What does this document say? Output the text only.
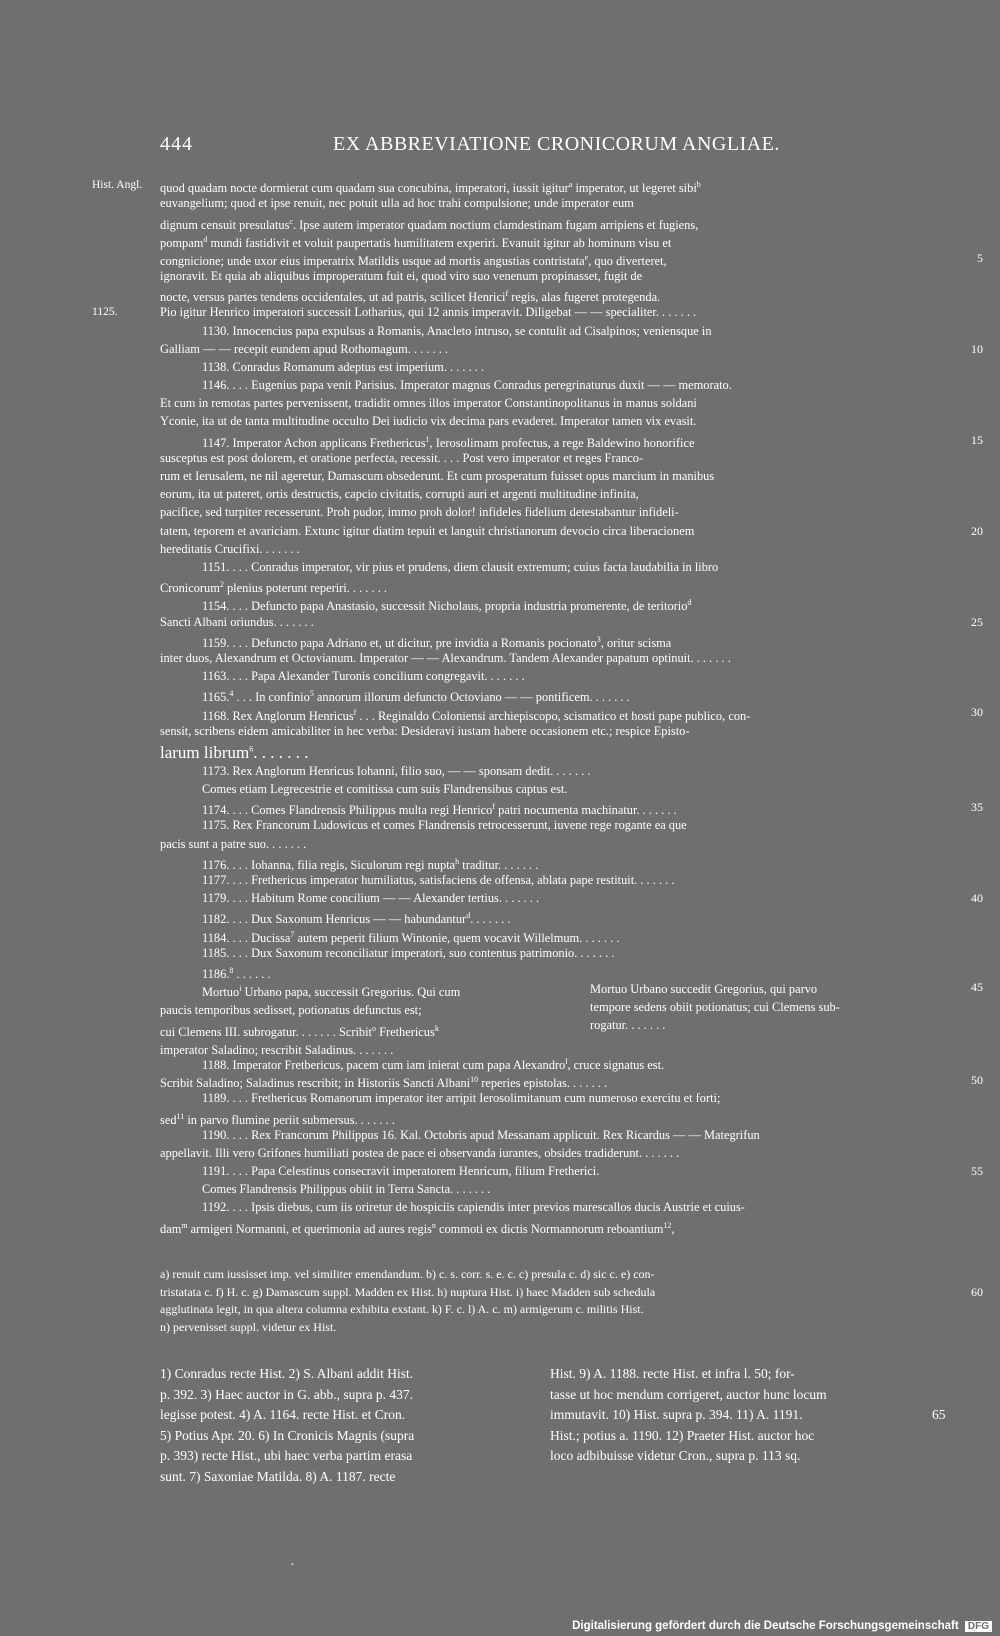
444	EX ABBREVIATIONE CRONICORUM ANGLIAE.
Hist. Angl. quod quadam nocte dormierat cum quadam sua concubina, imperatori, iussit igitur$^a$ imperator, ut legeret sibi$^b$
euvangelium; quod et ipse renuit, nec potuit ulla ad hoc trahi compulsione; unde imperator eum
dignum censuit presulatus$^c$. Ipse autem imperator quadam noctium clamdestinam fugam arripiens et fugiens,
pompam$^d$ mundi fastidivit et voluit paupertatis humilitatem experiri. Evanuit igitur ab hominum visu et
congnicione; unde uxor eius imperatrix Matildis usque ad mortis angustias contristata$^e$, quo diverteret,	5
ignoravit. Et quia ab aliquibus improperatum fuit ei, quod viro suo venenum propinasset, fugit de
nocte, versus partes tendens occidentales, ut ad patris, scilicet Henrici$^f$ regis, alas fugeret protegenda.
1125.	Pio igitur Henrico imperatori successit Lotharius, qui 12 annis imperavit. Diligebat — — specialiter. . . . . . .
1130. Innocencius papa expulsus a Romanis, Anacleto intruso, se contulit ad Cisalpinos; veniensque in
Galliam — — recepit eundem apud Rothomagum. . . . . . .	10
1138. Conradus Romanum adeptus est imperium. . . . . . .
1146. . . . Eugenius papa venit Parisius. Imperator magnus Conradus peregrinaturus duxit — — memorato.
Et cum in remotas partes pervenissent, tradidit omnes illos imperator Constantinopolitanus in manus soldani
Yconie, ita ut de tanta multitudine occulto Dei iudicio vix decima pars evaderet. Imperator tamen vix evasit.
1147. Imperator Achon applicans Frethericus$^1$, Ierosolimam profectus, a rege Baldewino honorifice	15
susceptus est post dolorem, et oratione perfecta, recessit. . . . Post vero imperator et reges Franco-
rum et Ierusalem, ne nil ageretur, Damascum obsederunt. Et cum prosperatum fuisset opus marcium in manibus
eorum, ita ut pateret, ortis destructis, capcio civitatis, corrupti auri et argenti multitudine infinita,
pacifice, sed turpiter recesserunt. Proh pudor, immo proh dolor! infideles fidelium detestabantur infideli-
tatem, teporem et avariciam. Extunc igitur diatim tepuit et languit christianorum devocio circa liberacionem	20
hereditatis Crucifixi. . . . . . .
1151. . . . Conradus imperator, vir pius et prudens, diem clausit extremum; cuius facta laudabilia in libro
Cronicorum$^2$ plenius poterunt reperiri. . . . . . .
1154. . . . Defuncto papa Anastasio, successit Nicholaus, propria industria promerente, de teritorio$^d$
Sancti Albani oriundus. . . . . . .	25
1159. . . . Defuncto papa Adriano et, ut dicitur, pre invidia a Romanis pocionato$^3$, oritur scisma
inter duos, Alexandrum et Octovianum. Imperator — — Alexandrum. Tandem Alexander papatum optinuit. . . . . . .
1163. . . . Papa Alexander Turonis concilium congregavit. . . . . . .
1165.$^4$ . . . In confinio$^5$ annorum illorum defuncto Octoviano — — pontificem. . . . . . .
1168. Rex Anglorum Henricus$^f$ . . . Reginaldo Coloniensi archiepiscopo, scismatico et hosti pape publico, con-	30
sensit, scribens eidem amicabiliter in hec verba: Desideravi iustam habere occasionem etc.; respice Episto-
larum librum$^6$. . . . . . .
1173. Rex Anglorum Henricus Iohanni, filio suo, — — sponsam dedit. . . . . . .
Comes etiam Legrecestrie et comitissa cum suis Flandrensibus captus est.
1174. . . . Comes Flandrensis Philippus multa regi Henrico$^f$ patri nocumenta machinatur. . . . . . .	35
1175. Rex Francorum Ludowicus et comes Flandrensis retrocesserunt, iuvene rege rogante ea que
pacis sunt a patre suo. . . . . . .
1176. . . . Iohanna, filia regis, Siculorum regi nupta$^h$ traditur. . . . . . .
1177. . . . Frethericus imperator humiliatus, satisfaciens de offensa, ablata pape restituit. . . . . . .
1179. . . . Habitum Rome concilium — — Alexander tertius. . . . . . .	40
1182. . . . Dux Saxonum Henricus — — habundantur$^d$. . . . . . .
1184. . . . Ducissa$^7$ autem peperit filium Wintonie, quem vocavit Willelmum. . . . . . .
1185. . . . Dux Saxonum reconciliatur imperatori, suo contentus patrimonio. . . . . . .
1186.$^8$ . . . . . .
Mortuo$^i$ Urbano papa, successit Gregorius. Qui cum
paucis temporibus sedisset, potionatus defunctus est;
cui Clemens III. subrogatur. . . . . . . Scribit$^o$ Frethericus$^k$
imperator Saladino; rescribit Saladinus. . . . . . .
Mortuo Urbano succedit Gregorius, qui parvo
tempore sedens obiit potionatus; cui Clemens sub-
rogatur. . . . . . .
45
1188. Imperator Fretbericus, pacem cum iam inierat cum papa Alexandro$^l$, cruce signatus est.
Scribit Saladino; Saladinus rescribit; in Historiis Sancti Albani$^{10}$ reperies epistolas. . . . . . .	50
1189. . . . Frethericus Romanorum imperator iter arripit Ierosolimitanum cum numeroso exercitu et forti;
sed$^{11}$ in parvo flumine periit submersus. . . . . . .
1190. . . . Rex Francorum Philippus 16. Kal. Octobris apud Messanam applicuit. Rex Ricardus — — Mategrifun
appellavit. Illi vero Grifones humiliati postea de pace ei observanda iurantes, obsides tradiderunt. . . . . . .
1191. . . . Papa Celestinus consecravit imperatorem Henricum, filium Fretherici.	55
Comes Flandrensis Philippus obiit in Terra Sancta. . . . . . .
1192. . . . Ipsis diebus, cum iis oriretur de hospiciis capiendis inter previos marescallos ducis Austrie et cuius-
dam$^m$ armigeri Normanni, et querimonia ad aures regis$^n$ commoti ex dictis Normannorum reboantium$^{12}$,
a) renuit cum iussisset imp. vel similiter emendandum. b) c. s. corr. s. e. c. c) presula c. d) sic c. e) con-
tristatata c. f) H. c. g) Damascum suppl. Madden ex Hist. h) nuptura Hist. i) haec Madden sub schedula	60
agglutinata legit, in qua altera columna exhibita exstant. k) F. c. l) A. c. m) armigerum c. militis Hist.
n) pervenisset suppl. videtur ex Hist.
1) Conradus recte Hist. 2) S. Albani addit Hist.
p. 392. 3) Haec auctor in G. abb., supra p. 437.
legisse potest. 4) A. 1164. recte Hist. et Cron.
5) Potius Apr. 20. 6) In Cronicis Magnis (supra
p. 393) recte Hist., ubi haec verba partim erasa
sunt. 7) Saxoniae Matilda. 8) A. 1187. recte
Hist. 9) A. 1188. recte Hist. et infra l. 50; for-
tasse ut hoc mendum corrigeret, auctor hunc locum
immutavit. 10) Hist. supra p. 394. 11) A. 1191.	65
Hist.; potius a. 1190. 12) Praeter Hist. auctor hoc
loco adbibuisse videtur Cron., supra p. 113 sq.
·
Digitalisierung gefördert durch die Deutsche Forschungsgemeinschaft DFG
